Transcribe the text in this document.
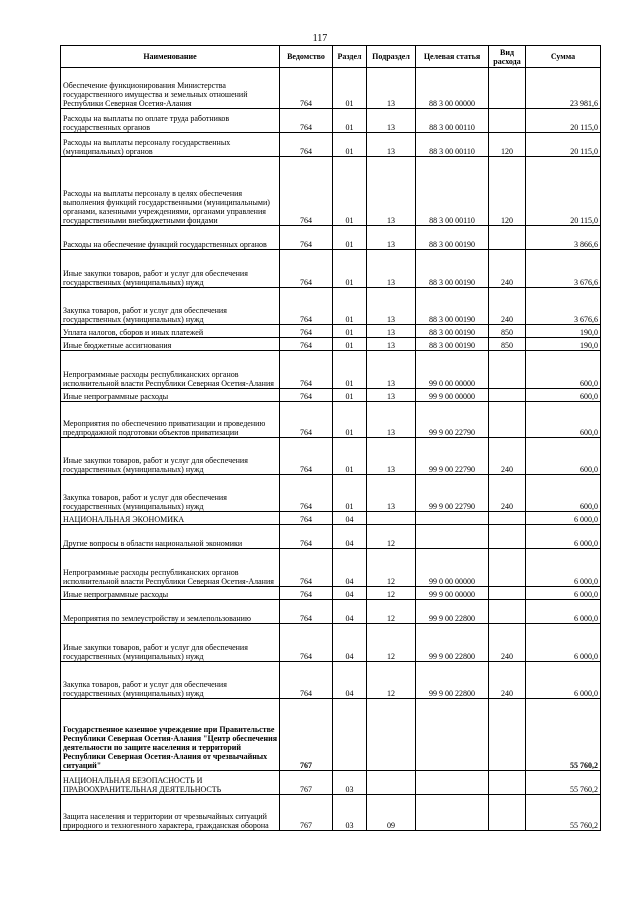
117
Наименование	Ведомство	Раздел	Подраздел	Целевая статья	Вид расхода	Сумма
Обеспечение функционирования Министерства государственного имущества и земельных отношений Республики Северная Осетия-Алания	764	01	13	88 3 00 00000		23 981,6
Расходы на выплаты по оплате труда работников государственных органов	764	01	13	88 3 00 00110		20 115,0
Расходы на выплаты персоналу государственных (муниципальных) органов	764	01	13	88 3 00 00110	120	20 115,0
Расходы на выплаты персоналу в целях обеспечения выполнения функций государственными (муниципальными) органами, казенными учреждениями, органами управления государственными внебюджетными фондами	764	01	13	88 3 00 00110	120	20 115,0
Расходы на обеспечение функций государственных органов	764	01	13	88 3 00 00190		3 866,6
Иные закупки товаров, работ и услуг для обеспечения государственных (муниципальных) нужд	764	01	13	88 3 00 00190	240	3 676,6
Закупка товаров, работ и услуг для обеспечения государственных (муниципальных) нужд	764	01	13	88 3 00 00190	240	3 676,6
Уплата налогов, сборов и иных платежей	764	01	13	88 3 00 00190	850	190,0
Иные бюджетные ассигнования	764	01	13	88 3 00 00190	850	190,0
Непрограммные расходы республиканских органов исполнительной власти Республики Северная Осетия-Алания	764	01	13	99 0 00 00000		600,0
Иные непрограммные расходы	764	01	13	99 9 00 00000		600,0
Мероприятия по обеспечению приватизации и проведению предпродажной подготовки объектов приватизации	764	01	13	99 9 00 22790		600,0
Иные закупки товаров, работ и услуг для обеспечения государственных (муниципальных) нужд	764	01	13	99 9 00 22790	240	600,0
Закупка товаров, работ и услуг для обеспечения государственных (муниципальных) нужд	764	01	13	99 9 00 22790	240	600,0
НАЦИОНАЛЬНАЯ ЭКОНОМИКА	764	04				6 000,0
Другие вопросы в области национальной экономики	764	04	12			6 000,0
Непрограммные расходы республиканских органов исполнительной власти Республики Северная Осетия-Алания	764	04	12	99 0 00 00000		6 000,0
Иные непрограммные расходы	764	04	12	99 9 00 00000		6 000,0
Мероприятия по землеустройству и землепользованию	764	04	12	99 9 00 22800		6 000,0
Иные закупки товаров, работ и услуг для обеспечения государственных (муниципальных) нужд	764	04	12	99 9 00 22800	240	6 000,0
Закупка товаров, работ и услуг для обеспечения государственных (муниципальных) нужд	764	04	12	99 9 00 22800	240	6 000,0
Государственное казенное учреждение при Правительстве Республики Северная Осетия-Алания "Центр обеспечения деятельности по защите населения и территорий Республики Северная Осетия-Алания от чрезвычайных ситуаций"	767					55 760,2
НАЦИОНАЛЬНАЯ БЕЗОПАСНОСТЬ И ПРАВООХРАНИТЕЛЬНАЯ ДЕЯТЕЛЬНОСТЬ	767	03				55 760,2
Защита населения и территории от чрезвычайных ситуаций природного и техногенного характера, гражданская оборона	767	03	09			55 760,2
